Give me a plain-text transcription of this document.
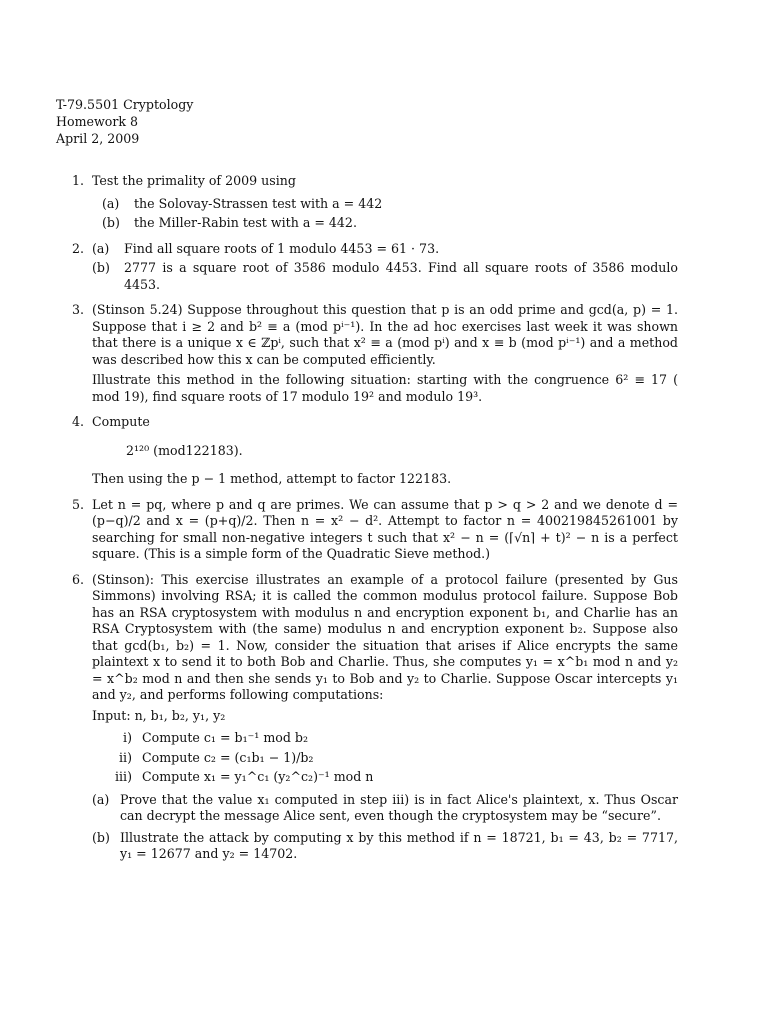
T-79.5501 Cryptology
Homework 8
April 2, 2009
1. Test the primality of 2009 using
(a) the Solovay-Strassen test with a = 442
(b) the Miller-Rabin test with a = 442.
2. (a) Find all square roots of 1 modulo 4453 = 61 · 73.
(b) 2777 is a square root of 3586 modulo 4453. Find all square roots of 3586 modulo 4453.
3. (Stinson 5.24) Suppose throughout this question that p is an odd prime and gcd(a, p) = 1. Suppose that i ≥ 2 and b² ≡ a (mod pⁱ⁻¹). In the ad hoc exercises last week it was shown that there is a unique x ∈ ℤpⁱ, such that x² ≡ a (mod pⁱ) and x ≡ b (mod pⁱ⁻¹) and a method was described how this x can be computed efficiently.
Illustrate this method in the following situation: starting with the congruence 6² ≡ 17 ( mod 19), find square roots of 17 modulo 19² and modulo 19³.
4. Compute
2¹²⁰ (mod122183).
Then using the p − 1 method, attempt to factor 122183.
5. Let n = pq, where p and q are primes. We can assume that p > q > 2 and we denote d = (p−q)/2 and x = (p+q)/2. Then n = x² − d². Attempt to factor n = 400219845261001 by searching for small non-negative integers t such that x² − n = (⌈√n⌉ + t)² − n is a perfect square. (This is a simple form of the Quadratic Sieve method.)
6. (Stinson): This exercise illustrates an example of a protocol failure (presented by Gus Simmons) involving RSA; it is called the common modulus protocol failure. Suppose Bob has an RSA cryptosystem with modulus n and encryption exponent b₁, and Charlie has an RSA Cryptosystem with (the same) modulus n and encryption exponent b₂. Suppose also that gcd(b₁, b₂) = 1. Now, consider the situation that arises if Alice encrypts the same plaintext x to send it to both Bob and Charlie. Thus, she computes y₁ = x^b₁ mod n and y₂ = x^b₂ mod n and then she sends y₁ to Bob and y₂ to Charlie. Suppose Oscar intercepts y₁ and y₂, and performs following computations:
Input: n, b₁, b₂, y₁, y₂
i) Compute c₁ = b₁⁻¹ mod b₂
ii) Compute c₂ = (c₁b₁ − 1)/b₂
iii) Compute x₁ = y₁^c₁ (y₂^c₂)⁻¹ mod n
(a) Prove that the value x₁ computed in step iii) is in fact Alice's plaintext, x. Thus Oscar can decrypt the message Alice sent, even though the cryptosystem may be “secure”.
(b) Illustrate the attack by computing x by this method if n = 18721, b₁ = 43, b₂ = 7717, y₁ = 12677 and y₂ = 14702.
